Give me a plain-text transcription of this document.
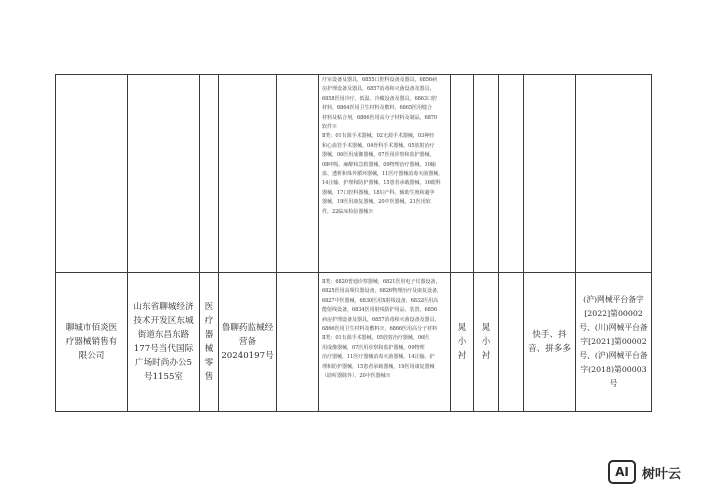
疗室设备及器具，6855口腔科设备及器具，6856病
房护理设备及器具，6857消毒和灭菌设备及器具，
6858医用冷疗、低温、冷藏设备及器具，6863口腔
材料，6864医用卫生材料及敷料，6865医用缝合
材料及粘合剂，6866医用高分子材料及制品，6870
软件※
Ⅱ类：01有源手术器械，02无源手术器械，03神经
和心血管手术器械，04骨科手术器械，05放射治疗
器械，06医用成像器械，07医用诊察和监护器械，
08呼吸、麻醉和急救器械，09物理治疗器械，10输
血、透析和体外循环器械，11医疗器械消毒灭菌器械，
14注输、护理和防护器械，15患者承载器械，16眼科
器械，17口腔科器械，18妇产科、辅助生殖和避孕
器械，19医用康复器械，20中医器械，21医用软
件，22临床检验器械※
聊城市佰炎医疗器械销售有限公司
山东省聊城经济技术开发区东城街道东昌东路177号当代国际广场时尚办公5号1155室
医疗器械零售
鲁聊药监械经营备20240197号
Ⅱ类：6820普通诊察器械，6821医用电子仪器设备，
6825医用高频仪器设备，6826物理治疗及康复设备，
6827中医器械，6830医用X射线设备，6832医用高
能射线设备，6834医用射线防护用品、装置，6856
病房护理设备及器具，6857消毒和灭菌设备及器具，
6866医用卫生材料及敷料※，6866医用高分子材料
Ⅱ类：01有源手术器械，05放射治疗器械，06医
用成像器械，07医用诊察和监护器械，09物理
治疗器械，11医疗器械消毒灭菌器械，14注输、护
理和防护器械，15患者承载器械，19医用康复器械
（助听器除外），20中医器械※
晁小衬
晁小衬
快手、抖音、拼多多
(沪)网械平台备字[2022]第00002号、(川)网械平台备字[2021]第00002号、(沪)网械平台备字(2018)第00003号
AI	树叶云
